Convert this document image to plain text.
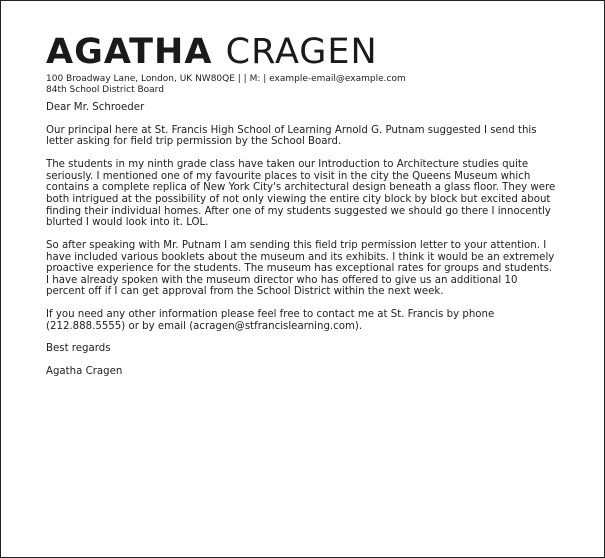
AGATHA CRAGEN
100 Broadway Lane, London, UK NW80QE | | M: | example-email@example.com
84th School District Board

Dear Mr. Schroeder

Our principal here at St. Francis High School of Learning Arnold G. Putnam suggested I send this letter asking for field trip permission by the School Board.

The students in my ninth grade class have taken our Introduction to Architecture studies quite seriously. I mentioned one of my favourite places to visit in the city the Queens Museum which contains a complete replica of New York City's architectural design beneath a glass floor. They were both intrigued at the possibility of not only viewing the entire city block by block but excited about finding their individual homes. After one of my students suggested we should go there I innocently blurted I would look into it. LOL.

So after speaking with Mr. Putnam I am sending this field trip permission letter to your attention. I have included various booklets about the museum and its exhibits. I think it would be an extremely proactive experience for the students. The museum has exceptional rates for groups and students. I have already spoken with the museum director who has offered to give us an additional 10 percent off if I can get approval from the School District within the next week.

If you need any other information please feel free to contact me at St. Francis by phone (212.888.5555) or by email (acragen@stfrancislearning.com).

Best regards

Agatha Cragen
